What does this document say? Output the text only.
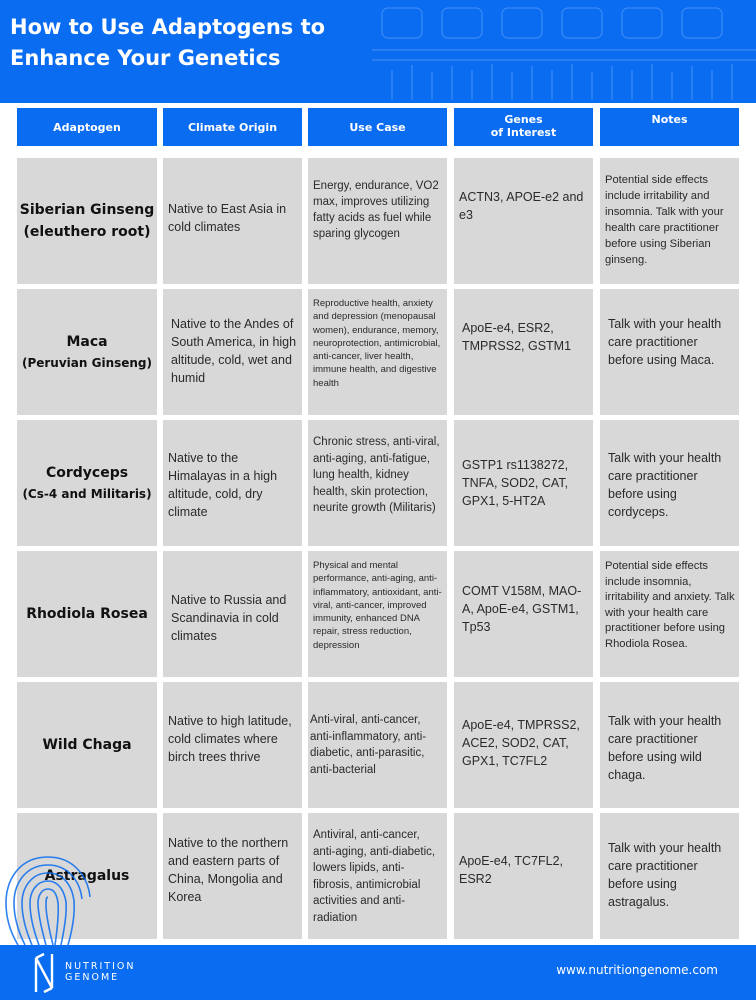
How to Use Adaptogens to
Enhance Your Genetics
Adaptogen	Climate Origin	Use Case
Genes
of Interest
Notes
Siberian Ginseng
(eleuthero root)
Native to East Asia in cold climates
Energy, endurance, VO2 max, improves utilizing fatty acids as fuel while sparing glycogen
ACTN3, APOE-e2 and e3
Potential side effects include irritability and insomnia. Talk with your health care practitioner before using Siberian ginseng.
Maca
(Peruvian Ginseng)
Native to the Andes of South America, in high altitude, cold, wet and humid
Reproductive health, anxiety and depression (menopausal women), endurance, memory, neuroprotection, antimicrobial, anti-cancer, liver health, immune health, and digestive health
ApoE-e4, ESR2, TMPRSS2, GSTM1
Talk with your health care practitioner before using Maca.
Cordyceps
(Cs-4 and Militaris)
Native to the Himalayas in a high altitude, cold, dry climate
Chronic stress, anti-viral, anti-aging, anti-fatigue, lung health, kidney health, skin protection, neurite growth (Militaris)
GSTP1 rs1138272, TNFA, SOD2, CAT, GPX1, 5-HT2A
Talk with your health care practitioner before using cordyceps.
Rhodiola Rosea
Native to Russia and Scandinavia in cold climates
Physical and mental performance, anti-aging, anti-inflammatory, antioxidant, anti-viral, anti-cancer, improved immunity, enhanced DNA repair, stress reduction, depression
COMT V158M, MAO-A, ApoE-e4, GSTM1, Tp53
Potential side effects include insomnia, irritability and anxiety. Talk with your health care practitioner before using Rhodiola Rosea.
Wild Chaga
Native to high latitude, cold climates where birch trees thrive
Anti-viral, anti-cancer, anti-inflammatory, anti-diabetic, anti-parasitic, anti-bacterial
ApoE-e4, TMPRSS2, ACE2, SOD2, CAT, GPX1, TC7FL2
Talk with your health care practitioner before using wild chaga.
Astragalus
Native to the northern and eastern parts of China, Mongolia and Korea
Antiviral, anti-cancer, anti-aging, anti-diabetic, lowers lipids, anti-fibrosis, antimicrobial activities and anti-radiation
ApoE-e4, TC7FL2, ESR2
Talk with your health care practitioner before using astragalus.
NUTRITION
GENOME
www.nutritiongenome.com
